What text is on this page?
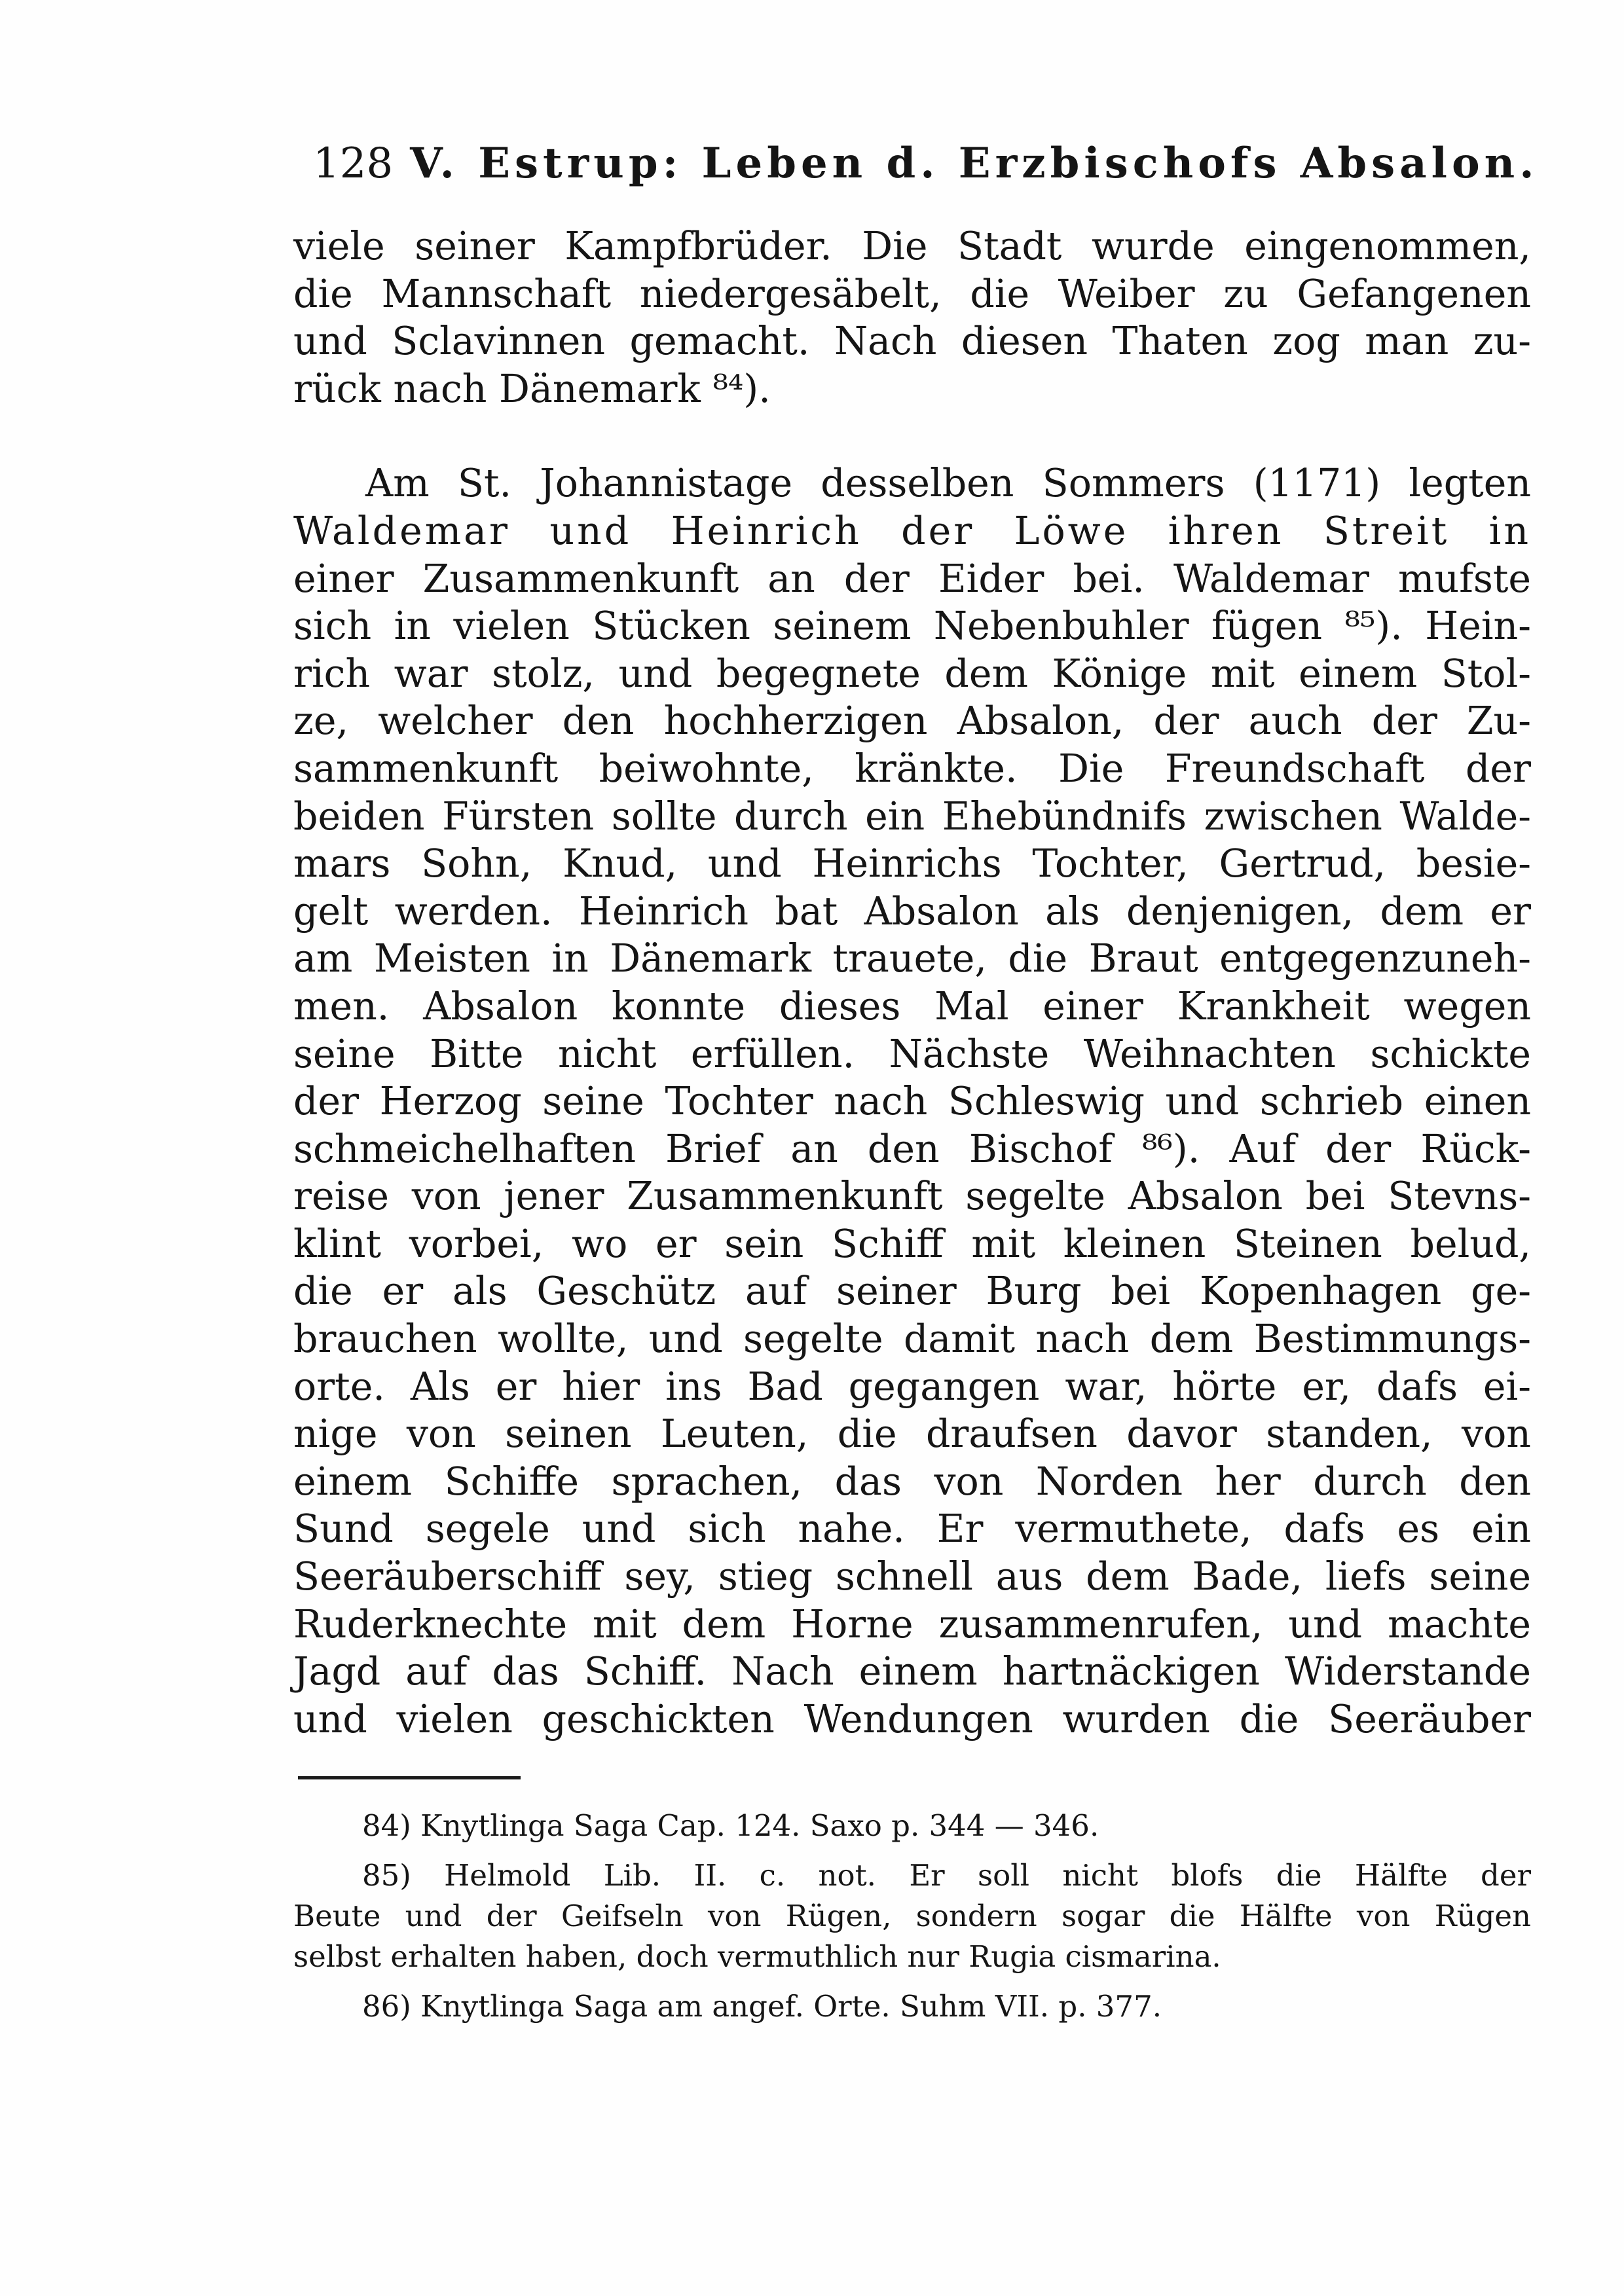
128 V. Estrup: Leben d. Erzbischofs Absalon.
viele seiner Kampfbrüder. Die Stadt wurde eingenommen,
die Mannschaft niedergesäbelt, die Weiber zu Gefangenen
und Sclavinnen gemacht. Nach diesen Thaten zog man zu-
rück nach Dänemark ⁸⁴).
Am St. Johannistage desselben Sommers (1171) legten
Waldemar und Heinrich der Löwe ihren Streit in
einer Zusammenkunft an der Eider bei. Waldemar mufste
sich in vielen Stücken seinem Nebenbuhler fügen ⁸⁵). Hein-
rich war stolz, und begegnete dem Könige mit einem Stol-
ze, welcher den hochherzigen Absalon, der auch der Zu-
sammenkunft beiwohnte, kränkte. Die Freundschaft der
beiden Fürsten sollte durch ein Ehebündnifs zwischen Walde-
mars Sohn, Knud, und Heinrichs Tochter, Gertrud, besie-
gelt werden. Heinrich bat Absalon als denjenigen, dem er
am Meisten in Dänemark trauete, die Braut entgegenzuneh-
men. Absalon konnte dieses Mal einer Krankheit wegen
seine Bitte nicht erfüllen. Nächste Weihnachten schickte
der Herzog seine Tochter nach Schleswig und schrieb einen
schmeichelhaften Brief an den Bischof ⁸⁶). Auf der Rück-
reise von jener Zusammenkunft segelte Absalon bei Stevns-
klint vorbei, wo er sein Schiff mit kleinen Steinen belud,
die er als Geschütz auf seiner Burg bei Kopenhagen ge-
brauchen wollte, und segelte damit nach dem Bestimmungs-
orte. Als er hier ins Bad gegangen war, hörte er, dafs ei-
nige von seinen Leuten, die draufsen davor standen, von
einem Schiffe sprachen, das von Norden her durch den
Sund segele und sich nahe. Er vermuthete, dafs es ein
Seeräuberschiff sey, stieg schnell aus dem Bade, liefs seine
Ruderknechte mit dem Horne zusammenrufen, und machte
Jagd auf das Schiff. Nach einem hartnäckigen Widerstande
und vielen geschickten Wendungen wurden die Seeräuber
84) Knytlinga Saga Cap. 124. Saxo p. 344 — 346.
85) Helmold Lib. II. c. not. Er soll nicht blofs die Hälfte der
Beute und der Geifseln von Rügen, sondern sogar die Hälfte von Rügen
selbst erhalten haben, doch vermuthlich nur Rugia cismarina.
86) Knytlinga Saga am angef. Orte. Suhm VII. p. 377.
